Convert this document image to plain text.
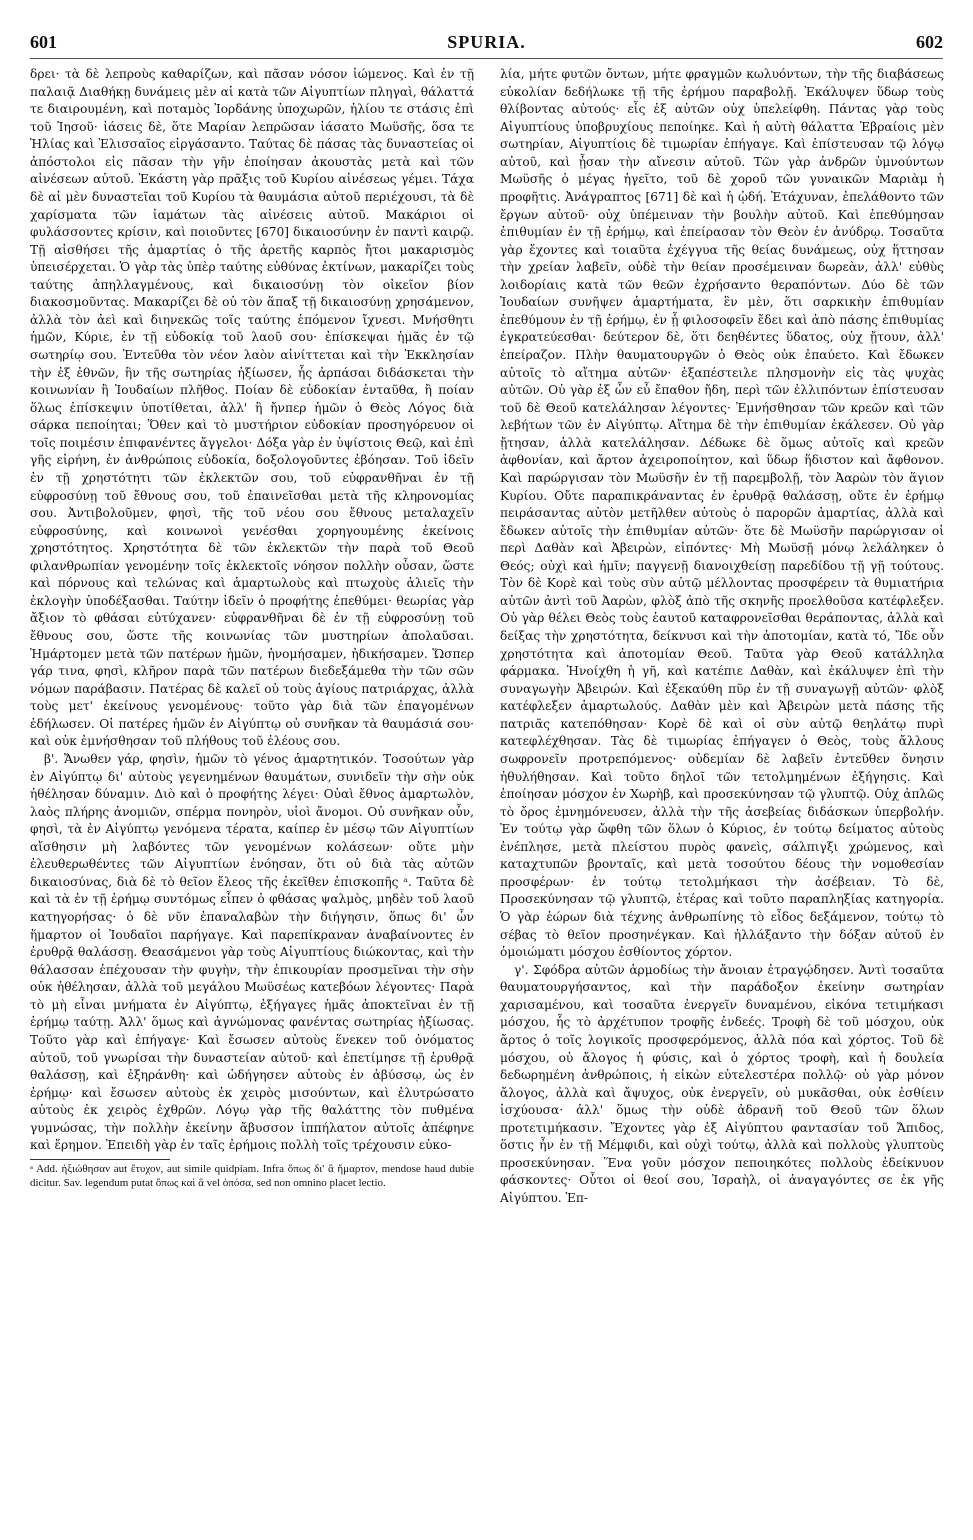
601	SPURIA.	602

δρει· τὰ δὲ λεπροὺς καθαρίζων, καὶ πᾶσαν νόσον ἰώμενος. Καὶ ἐν τῇ παλαιᾷ Διαθήκῃ δυνάμεις μὲν αἱ κατὰ τῶν Αἰγυπτίων πληγαὶ, θάλαττά τε διαιρουμένη, καὶ ποταμὸς Ἰορδάνης ὑποχωρῶν, ἡλίου τε στάσις ἐπὶ τοῦ Ἰησοῦ· ἰάσεις δὲ, ὅτε Μαρίαν λεπρῶσαν ἰάσατο Μωϋσῆς, ὅσα τε Ἡλίας καὶ Ἐλισσαῖος εἰργάσαντο. Ταύτας δὲ πάσας τὰς δυναστείας οἱ ἀπόστολοι εἰς πᾶσαν τὴν γῆν ἐποίησαν ἀκουστὰς μετὰ καὶ τῶν αἰνέσεων αὐτοῦ. Ἑκάστη γὰρ πρᾶξις τοῦ Κυρίου αἰνέσεως γέμει. Τάχα δὲ αἱ μὲν δυναστεῖαι τοῦ Κυρίου τὰ θαυμάσια αὐτοῦ περιέχουσι, τὰ δὲ χαρίσματα τῶν ἰαμάτων τὰς αἰνέσεις αὐτοῦ. Μακάριοι οἱ φυλάσσοντες κρίσιν, καὶ ποιοῦντες [670] δικαιοσύνην ἐν παντὶ καιρῷ. Τῇ αἰσθήσει τῆς ἁμαρτίας ὁ τῆς ἀρετῆς καρπὸς ἤτοι μακαρισμὸς ὑπεισέρχεται. Ὁ γὰρ τὰς ὑπὲρ ταύτης εὐθύνας ἐκτίνων, μακαρίζει τοὺς ταύτης ἀπηλλαγμένους, καὶ δικαιοσύνῃ τὸν οἰκεῖον βίον διακοσμοῦντας. Μακαρίζει δὲ οὐ τὸν ἅπαξ τῇ δικαιοσύνῃ χρησάμενον, ἀλλὰ τὸν ἀεὶ καὶ διηνεκῶς τοῖς ταύτης ἑπόμενον ἴχνεσι. Μνήσθητι ἡμῶν, Κύριε, ἐν τῇ εὐδοκίᾳ τοῦ λαοῦ σου· ἐπίσκεψαι ἡμᾶς ἐν τῷ σωτηρίῳ σου. Ἐντεῦθα τὸν νέον λαὸν αἰνίττεται καὶ τὴν Ἐκκλησίαν τὴν ἐξ ἐθνῶν, ἣν τῆς σωτηρίας ἠξίωσεν, ἧς ἀρπάσαι διδάσκεται τὴν κοινωνίαν ἢ Ἰουδαίων πλῆθος. Ποίαν δὲ εὐδοκίαν ἐνταῦθα, ἢ ποίαν ὅλως ἐπίσκεψιν ὑποτίθεται, ἀλλ' ἣ ἤνπερ ἡμῶν ὁ Θεὸς Λόγος διὰ σάρκα πεποίηται; Ὅθεν καὶ τὸ μυστήριον εὐδοκίαν προσηγόρευον οἱ τοῖς ποιμέσιν ἐπιφανέντες ἄγγελοι· Δόξα γὰρ ἐν ὑψίστοις Θεῷ, καὶ ἐπὶ γῆς εἰρήνη, ἐν ἀνθρώποις εὐδοκία, δοξολογοῦντες ἐβόησαν. Τοῦ ἰδεῖν ἐν τῇ χρηστότητι τῶν ἐκλεκτῶν σου, τοῦ εὐφρανθῆναι ἐν τῇ εὐφροσύνῃ τοῦ ἔθνους σου, τοῦ ἐπαινεῖσθαι μετὰ τῆς κληρονομίας σου. Ἀντιβολοῦμεν, φησὶ, τῆς τοῦ νέου σου ἔθνους μεταλαχεῖν εὐφροσύνης, καὶ κοινωνοὶ γενέσθαι χορηγουμένης ἐκείνοις χρηστότητος. Χρηστότητα δὲ τῶν ἐκλεκτῶν τὴν παρὰ τοῦ Θεοῦ φιλανθρωπίαν γενομένην τοῖς ἐκλεκτοῖς νόησον πολλὴν οὖσαν, ὥστε καὶ πόρνους καὶ τελώνας καὶ ἁμαρτωλοὺς καὶ πτωχοὺς ἁλιεῖς τὴν ἐκλογὴν ὑποδέξασθαι. Ταύτην ἰδεῖν ὁ προφήτης ἐπεθύμει· θεωρίας γὰρ ἄξιον τὸ φθάσαι εὐτύχανεν· εὐφρανθῆναι δὲ ἐν τῇ εὐφροσύνῃ τοῦ ἔθνους σου, ὥστε τῆς κοινωνίας τῶν μυστηρίων ἀπολαῦσαι. Ἡμάρτομεν μετὰ τῶν πατέρων ἡμῶν, ἠνομήσαμεν, ἠδικήσαμεν. Ὥσπερ γάρ τινα, φησὶ, κλῆρον παρὰ τῶν πατέρων διεδεξάμεθα τὴν τῶν σῶν νόμων παράβασιν. Πατέρας δὲ καλεῖ οὐ τοὺς ἁγίους πατριάρχας, ἀλλὰ τοὺς μετ' ἐκείνους γενομένους· τοῦτο γὰρ διὰ τῶν ἐπαγομένων ἐδήλωσεν. Οἱ πατέρες ἡμῶν ἐν Αἰγύπτῳ οὐ συνῆκαν τὰ θαυμάσιά σου· καὶ οὐκ ἐμνήσθησαν τοῦ πλήθους τοῦ ἐλέους σου.

β'. Ἄνωθεν γάρ, φησὶν, ἡμῶν τὸ γένος ἁμαρτητικόν. Τοσούτων γὰρ ἐν Αἰγύπτῳ δι' αὐτοὺς γεγενημένων θαυμάτων, συνιδεῖν τὴν σὴν οὐκ ἠθέλησαν δύναμιν. Διὸ καὶ ὁ προφήτης λέγει· Οὐαὶ ἔθνος ἁμαρτωλὸν, λαὸς πλήρης ἀνομιῶν, σπέρμα πονηρὸν, υἱοὶ ἄνομοι. Οὐ συνῆκαν οὖν, φησὶ, τὰ ἐν Αἰγύπτῳ γενόμενα τέρατα, καίπερ ἐν μέσῳ τῶν Αἰγυπτίων αἴσθησιν μὴ λαβόντες τῶν γενομένων κολάσεων· οὔτε μὴν ἐλευθερωθέντες τῶν Αἰγυπτίων ἐνόησαν, ὅτι οὐ διὰ τὰς αὐτῶν δικαιοσύνας, διὰ δὲ τὸ θεῖον ἔλεος τῆς ἐκεῖθεν ἐπισκοπῆς ᵃ. Ταῦτα δὲ καὶ τὰ ἐν τῇ ἐρήμῳ συντόμως εἶπεν ὁ φθάσας ψαλμὸς, μηδὲν τοῦ λαοῦ κατηγορήσας· ὁ δὲ νῦν ἐπαναλαβὼν τὴν διήγησιν, ὅπως δι' ὧν ἥμαρτον οἱ Ἰουδαῖοι παρήγαγε. Καὶ παρεπίκραναν ἀναβαίνοντες ἐν ἐρυθρᾷ θαλάσσῃ. Θεασάμενοι γὰρ τοὺς Αἰγυπτίους διώκοντας, καὶ τὴν θάλασσαν ἐπέχουσαν τὴν φυγὴν, τὴν ἐπικουρίαν προσμεῖναι τὴν σὴν οὐκ ἠθέλησαν, ἀλλὰ τοῦ μεγάλου Μωϋσέως κατεβόων λέγοντες· Παρὰ τὸ μὴ εἶναι μνήματα ἐν Αἰγύπτῳ, ἐξήγαγες ἡμᾶς ἀποκτεῖναι ἐν τῇ ἐρήμῳ ταύτῃ. Ἀλλ' ὅμως καὶ ἀγνώμονας φανέντας σωτηρίας ἠξίωσας. Τοῦτο γὰρ καὶ ἐπήγαγε· Καὶ ἔσωσεν αὐτοὺς ἕνεκεν τοῦ ὀνόματος αὐτοῦ, τοῦ γνωρίσαι τὴν δυναστείαν αὐτοῦ· καὶ ἐπετίμησε τῇ ἐρυθρᾷ θαλάσσῃ, καὶ ἐξηράνθη· καὶ ὡδήγησεν αὐτοὺς ἐν ἀβύσσῳ, ὡς ἐν ἐρήμῳ· καὶ ἔσωσεν αὐτοὺς ἐκ χειρὸς μισούντων, καὶ ἐλυτρώσατο αὐτοὺς ἐκ χειρὸς ἐχθρῶν. Λόγῳ γὰρ τῆς θαλάττης τὸν πυθμένα γυμνώσας, τὴν πολλὴν ἐκείνην ἄβυσσον ἱππήλατον αὐτοῖς ἀπέφηνε καὶ ἔρημον. Ἐπειδὴ γὰρ ἐν ταῖς ἐρήμοις πολλὴ τοῖς τρέχουσιν εὐκο-

ᵃ Add. ἠξιώθησαν aut ἔτυχον, aut simile quidpiam. Infra ὅπως δι' ἃ ἥμαρτον, mendose haud dubie dicitur. Sav. legendum putat ὅπως καὶ ἃ vel ὁπόσα, sed non omnino placet lectio.

λία, μήτε φυτῶν ὄντων, μήτε φραγμῶν κωλυόντων, τὴν τῆς διαβάσεως εὐκολίαν δεδήλωκε τῇ τῆς ἐρήμου παραβολῇ. Ἐκάλυψεν ὕδωρ τοὺς θλίβοντας αὐτούς· εἷς ἐξ αὐτῶν οὐχ ὑπελείφθη. Πάντας γὰρ τοὺς Αἰγυπτίους ὑποβρυχίους πεποίηκε. Καὶ ἡ αὐτὴ θάλαττα Ἑβραίοις μὲν σωτηρίαν, Αἰγυπτίοις δὲ τιμωρίαν ἐπήγαγε. Καὶ ἐπίστευσαν τῷ λόγῳ αὐτοῦ, καὶ ᾖσαν τὴν αἴνεσιν αὐτοῦ. Τῶν γὰρ ἀνδρῶν ὑμνούντων Μωϋσῆς ὁ μέγας ἡγεῖτο, τοῦ δὲ χοροῦ τῶν γυναικῶν Μαριὰμ ἡ προφῆτις. Ἀνάγραπτος [671] δὲ καὶ ἡ ᾠδή. Ἐτάχυναν, ἐπελάθοντο τῶν ἔργων αὐτοῦ· οὐχ ὑπέμειναν τὴν βουλὴν αὐτοῦ. Καὶ ἐπεθύμησαν ἐπιθυμίαν ἐν τῇ ἐρήμῳ, καὶ ἐπείρασαν τὸν Θεὸν ἐν ἀνύδρῳ. Τοσαῦτα γὰρ ἔχοντες καὶ τοιαῦτα ἐχέγγυα τῆς θείας δυνάμεως, οὐχ ἥττησαν τὴν χρείαν λαβεῖν, οὐδὲ τὴν θείαν προσέμειναν δωρεὰν, ἀλλ' εὐθὺς λοιδορίαις κατὰ τῶν θεῶν ἐχρήσαντο θεραπόντων. Δύο δὲ τῶν Ἰουδαίων συνῆψεν ἁμαρτήματα, ἓν μὲν, ὅτι σαρκικὴν ἐπιθυμίαν ἐπεθύμουν ἐν τῇ ἐρήμῳ, ἐν ᾗ φιλοσοφεῖν ἔδει καὶ ἀπὸ πάσης ἐπιθυμίας ἐγκρατεύεσθαι· δεύτερον δὲ, ὅτι δεηθέντες ὕδατος, οὐχ ᾔτουν, ἀλλ' ἐπείραζον. Πλὴν θαυματουργῶν ὁ Θεὸς οὐκ ἐπαύετο. Καὶ ἔδωκεν αὐτοῖς τὸ αἴτημα αὐτῶν· ἐξαπέστειλε πλησμονὴν εἰς τὰς ψυχὰς αὐτῶν. Οὐ γὰρ ἐξ ὧν εὖ ἔπαθον ἤδη, περὶ τῶν ἐλλιπόντων ἐπίστευσαν τοῦ δὲ Θεοῦ κατελάλησαν λέγοντες· Ἐμνήσθησαν τῶν κρεῶν καὶ τῶν λεβήτων τῶν ἐν Αἰγύπτῳ. Αἴτημα δὲ τὴν ἐπιθυμίαν ἐκάλεσεν. Οὐ γὰρ ᾔτησαν, ἀλλὰ κατελάλησαν. Δέδωκε δὲ ὅμως αὐτοῖς καὶ κρεῶν ἀφθονίαν, καὶ ἄρτον ἀχειροποίητον, καὶ ὕδωρ ἥδιστον καὶ ἄφθονον. Καὶ παρώργισαν τὸν Μωϋσῆν ἐν τῇ παρεμβολῇ, τὸν Ἀαρὼν τὸν ἅγιον Κυρίου. Οὔτε παραπικράναντας ἐν ἐρυθρᾷ θαλάσσῃ, οὔτε ἐν ἐρήμῳ πειράσαντας αὐτὸν μετῆλθεν αὐτοὺς ὁ παρορῶν ἁμαρτίας, ἀλλὰ καὶ ἔδωκεν αὐτοῖς τὴν ἐπιθυμίαν αὐτῶν· ὅτε δὲ Μωϋσῆν παρώργισαν οἱ περὶ Δαθὰν καὶ Ἀβειρὼν, εἰπόντες· Μὴ Μωϋσῇ μόνῳ λελάληκεν ὁ Θεός; οὐχὶ καὶ ἡμῖν; παγγενῇ διανοιχθείσῃ παρεδίδου τῇ γῇ τούτους. Τὸν δὲ Κορὲ καὶ τοὺς σὺν αὐτῷ μέλλοντας προσφέρειν τὰ θυμιατήρια αὐτῶν ἀντὶ τοῦ Ἀαρὼν, φλὸξ ἀπὸ τῆς σκηνῆς προελθοῦσα κατέφλεξεν. Οὐ γὰρ θέλει Θεὸς τοὺς ἑαυτοῦ καταφρονεῖσθαι θεράποντας, ἀλλὰ καὶ δείξας τὴν χρηστότητα, δείκνυσι καὶ τὴν ἀποτομίαν, κατὰ τό, Ἴδε οὖν χρηστότητα καὶ ἀποτομίαν Θεοῦ. Ταῦτα γὰρ Θεοῦ κατάλληλα φάρμακα. Ἠνοίχθη ἡ γῆ, καὶ κατέπιε Δαθὰν, καὶ ἐκάλυψεν ἐπὶ τὴν συναγωγὴν Ἀβειρών. Καὶ ἐξεκαύθη πῦρ ἐν τῇ συναγωγῇ αὐτῶν· φλὸξ κατέφλεξεν ἁμαρτωλούς. Δαθὰν μὲν καὶ Ἀβειρὼν μετὰ πάσης τῆς πατριᾶς κατεπόθησαν· Κορὲ δὲ καὶ οἱ σὺν αὐτῷ θεηλάτῳ πυρὶ κατεφλέχθησαν. Τὰς δὲ τιμωρίας ἐπήγαγεν ὁ Θεὸς, τοὺς ἄλλους σωφρονεῖν προτρεπόμενος· οὐδεμίαν δὲ λαβεῖν ἐντεῦθεν ὄνησιν ἠθυλήθησαν. Καὶ τοῦτο δηλοῖ τῶν τετολμημένων ἐξήγησις. Καὶ ἐποίησαν μόσχον ἐν Χωρὴβ, καὶ προσεκύνησαν τῷ γλυπτῷ. Οὐχ ἁπλῶς τὸ ὄρος ἐμνημόνευσεν, ἀλλὰ τὴν τῆς ἀσεβείας διδάσκων ὑπερβολήν. Ἐν τούτῳ γὰρ ὤφθη τῶν ὅλων ὁ Κύριος, ἐν τούτῳ δείματος αὐτοὺς ἐνέπλησε, μετὰ πλείστου πυρὸς φανεὶς, σάλπιγξι χρώμενος, καὶ καταχτυπῶν βρονταῖς, καὶ μετὰ τοσούτου δέους τὴν νομοθεσίαν προσφέρων· ἐν τούτῳ τετολμήκασι τὴν ἀσέβειαν. Τὸ δὲ, Προσεκύνησαν τῷ γλυπτῷ, ἑτέρας καὶ τοῦτο παραπληξίας κατηγορία. Ὁ γὰρ ἑώρων διὰ τέχνης ἀνθρωπίνης τὸ εἶδος δεξάμενον, τούτῳ τὸ σέβας τὸ θεῖον προσηνέγκαν. Καὶ ἠλλάξαντο τὴν δόξαν αὐτοῦ ἐν ὁμοιώματι μόσχου ἐσθίοντος χόρτον.

γ'. Σφόδρα αὐτῶν ἁρμοδίως τὴν ἄνοιαν ἐτραγῴδησεν. Ἀντὶ τοσαῦτα θαυματουργήσαντος, καὶ τὴν παράδοξον ἐκείνην σωτηρίαν χαρισαμένου, καὶ τοσαῦτα ἐνεργεῖν δυναμένου, εἰκόνα τετιμήκασι μόσχου, ἧς τὸ ἀρχέτυπον τροφῆς ἐνδεές. Τροφὴ δὲ τοῦ μόσχου, οὐκ ἄρτος ὁ τοῖς λογικοῖς προσφερόμενος, ἀλλὰ πόα καὶ χόρτος. Τοῦ δὲ μόσχου, οὐ ἄλογος ἡ φύσις, καὶ ὁ χόρτος τροφὴ, καὶ ἡ δουλεία δεδωρημένη ἀνθρώποις, ἡ εἰκὼν εὐτελεστέρα πολλῷ· οὐ γὰρ μόνον ἄλογος, ἀλλὰ καὶ ἄψυχος, οὐκ ἐνεργεῖν, οὐ μυκᾶσθαι, οὐκ ἐσθίειν ἰσχύουσα· ἀλλ' ὅμως τὴν οὐδὲ ἀδρανῆ τοῦ Θεοῦ τῶν ὅλων προτετιμήκασιν. Ἔχοντες γὰρ ἐξ Αἰγύπτου φαντασίαν τοῦ Ἄπιδος, ὅστις ἦν ἐν τῇ Μέμφιδι, καὶ οὐχὶ τούτῳ, ἀλλὰ καὶ πολλοὺς γλυπτοὺς προσεκύνησαν. Ἕνα γοῦν μόσχον πεποιηκότες πολλοὺς ἐδείκνυον φάσκοντες· Οὗτοι οἱ θεοί σου, Ἰσραὴλ, οἱ ἀναγαγόντες σε ἐκ γῆς Αἰγύπτου. Ἐπ-
